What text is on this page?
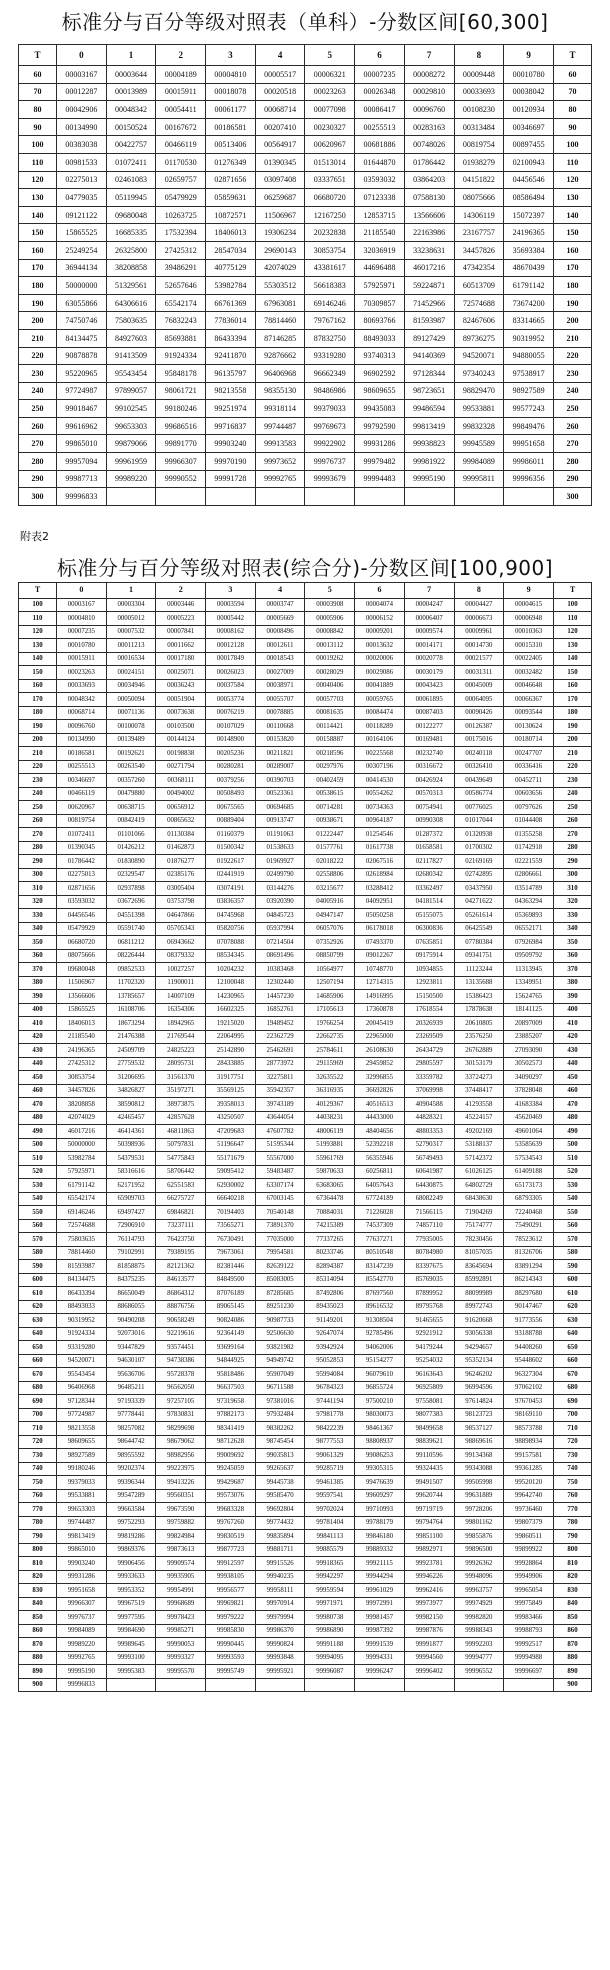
标准分与百分等级对照表（单科）-分数区间[60,300]
T	0	1	2	3	4	5	6	7	8	9	T
60	00003167	00003644	00004189	00004810	00005517	00006321	00007235	00008272	00009448	00010780	60
70	00012287	00013989	00015911	00018078	00020518	00023263	00026348	00029810	00033693	00038042	70
80	00042906	00048342	00054411	00061177	00068714	00077098	00086417	00096760	00108230	00120934	80
90	00134990	00150524	00167672	00186581	00207410	00230327	00255513	00283163	00313484	00346697	90
100	00383038	00422757	00466119	00513406	00564917	00620967	00681886	00748026	00819754	00897455	100
110	00981533	01072411	01170530	01276349	01390345	01513014	01644870	01786442	01938279	02100943	110
120	02275013	02461083	02659757	02871656	03097408	03337651	03593032	03864203	04151822	04456546	120
130	04779035	05119945	05479929	05859631	06259687	06680720	07123338	07588130	08075666	08586494	130
140	09121122	09680048	10263725	10872571	11506967	12167250	12853715	13566606	14306119	15072397	140
150	15865525	16685335	17532394	18406013	19306234	20232838	21185540	22163986	23167757	24196365	150
160	25249254	26325800	27425312	28547034	29690143	30853754	32036919	33238631	34457826	35693384	160
170	36944134	38208858	39486291	40775129	42074029	43381617	44696488	46017216	47342354	48670439	170
180	50000000	51329561	52657646	53982784	55303512	56618383	57925971	59224871	60513709	61791142	180
190	63055866	64306616	65542174	66761369	67963081	69146246	70309857	71452966	72574688	73674200	190
200	74750746	75803635	76832243	77836014	78814460	79767162	80693766	81593987	82467606	83314665	200
210	84134475	84927603	85693881	86433394	87146285	87832750	88493033	89127429	89736275	90319952	210
220	90878878	91413509	91924334	92411870	92876662	93319280	93740313	94140369	94520071	94880055	220
230	95220965	95543454	95848178	96135797	96406968	96662349	96902592	97128344	97340243	97538917	230
240	97724987	97899057	98061721	98213558	98355130	98486986	98609655	98723651	98829470	98927589	240
250	99018467	99102545	99180246	99251974	99318114	99379033	99435083	99486594	99533881	99577243	250
260	99616962	99653303	99686516	99716837	99744487	99769673	99792590	99813419	99832328	99849476	260
270	99865010	99879066	99891770	99903240	99913583	99922902	99931286	99938823	99945589	99951658	270
280	99957094	99961959	99966307	99970190	99973652	99976737	99979482	99981922	99984089	99986011	280
290	99987713	99989220	99990552	99991728	99992765	99993679	99994483	99995190	99995811	99996356	290
300	99996833										300
附表2
标准分与百分等级对照表(综合分)-分数区间[100,900]
T	0	1	2	3	4	5	6	7	8	9	T
100	00003167	00003304	00003446	00003594	00003747	00003908	00004074	00004247	00004427	00004615	100
110	00004810	00005012	00005223	00005442	00005669	00005906	00006152	00006407	00006673	00006948	110
120	00007235	00007532	00007841	00008162	00008496	00008842	00009201	00009574	00009961	00010363	120
130	00010780	00011213	00011662	00012128	00012611	00013112	00013632	00014171	00014730	00015310	130
140	00015911	00016534	00017180	00017849	00018543	00019262	00020006	00020778	00021577	00022405	140
150	00023263	00024151	00025071	00026023	00027009	00028029	00029086	00030179	00031311	00032482	150
160	00033693	00034946	00036243	00037584	00038971	00040406	00041889	00043423	00045009	00046648	160
170	00048342	00050094	00051904	00053774	00055707	00057703	00059765	00061895	00064095	00066367	170
180	00068714	00071136	00073638	00076219	00078885	00081635	00084474	00087403	00090426	00093544	180
190	00096760	00100078	00103500	00107029	00110668	00114421	00118289	00122277	00126387	00130624	190
200	00134990	00139489	00144124	00148900	00153820	00158887	00164106	00169481	00175016	00180714	200
210	00186581	00192621	00198838	00205236	00211821	00218596	00225568	00232740	00240118	00247707	210
220	00255513	00263540	00271794	00280281	00289007	00297976	00307196	00316672	00326410	00336416	220
230	00346697	00357260	00368111	00379256	00390703	00402459	00414530	00426924	00439649	00452711	230
240	00466119	00479880	00494002	00508493	00523361	00538615	00554262	00570313	00586774	00603656	240
250	00620967	00638715	00656912	00675565	00694685	00714281	00734363	00754941	00776025	00797626	250
260	00819754	00842419	00865632	00889404	00913747	00938671	00964187	00990308	01017044	01044408	260
270	01072411	01101066	01130384	01160379	01191063	01222447	01254546	01287372	01320938	01355258	270
280	01390345	01426212	01462873	01500342	01538633	01577761	01617738	01658581	01700302	01742918	280
290	01786442	01830890	01876277	01922617	01969927	02018222	02067516	02117827	02169169	02221559	290
300	02275013	02329547	02385176	02441919	02499790	02558806	02618984	02680342	02742895	02806661	300
310	02871656	02937898	03005404	03074191	03144276	03215677	03288412	03362497	03437950	03514789	310
320	03593032	03672696	03753798	03836357	03920390	04005916	04092951	04181514	04271622	04363294	320
330	04456546	04551398	04647866	04745968	04845723	04947147	05050258	05155075	05261614	05369893	330
340	05479929	05591740	05705343	05820756	05937994	06057076	06178018	06300836	06425549	06552171	340
350	06680720	06811212	06943662	07078088	07214504	07352926	07493370	07635851	07780384	07926984	350
360	08075666	08226444	08379332	08534345	08691496	08850799	09012267	09175914	09341751	09509792	360
370	09680048	09852533	10027257	10204232	10383468	10564977	10748770	10934855	11123244	11313945	370
380	11506967	11702320	11900011	12100048	12302440	12507194	12714315	12923811	13135688	13349951	380
390	13566606	13785657	14007109	14230965	14457230	14685906	14916995	15150500	15386423	15624765	390
400	15865525	16108706	16354306	16602325	16852761	17105613	17360878	17618554	17878638	18141125	400
410	18406013	18673294	18942965	19215020	19489452	19766254	20045419	20326939	20610805	20897009	410
420	21185540	21476388	21769544	22064995	22362729	22662735	22965000	23269509	23576250	23885207	420
430	24196365	24509709	24825223	25142890	25462691	25784611	26108630	26434729	26762889	27093090	430
440	27425312	27759532	28095731	28433885	28773972	29115969	29459852	29805597	30153179	30502573	440
450	30853754	31206695	31561370	31917751	32275811	32635522	32996855	33359782	33724273	34090297	450
460	34457826	34826827	35197271	35569125	35942357	36316935	36692826	37069998	37448417	37828048	460
470	38208858	38590812	38973875	39358013	39743189	40129367	40516513	40904588	41293558	41683384	470
480	42074029	42465457	42857628	43250507	43644054	44038231	44433000	44828321	45224157	45620469	480
490	46017216	46414361	46811863	47209683	47607782	48006119	48404656	48803353	49202169	49601064	490
500	50000000	50398936	50797831	51196647	51595344	51993881	52392218	52790317	53188137	53585639	500
510	53982784	54379531	54775843	55171679	55567000	55961769	56355946	56749493	57142372	57534543	510
520	57925971	58316616	58706442	59095412	59483487	59870633	60256811	60641987	61026125	61409188	520
530	61791142	62171952	62551583	62930002	63307174	63683065	64057643	64430875	64802729	65173173	530
540	65542174	65909703	66275727	66640218	67003145	67364478	67724189	68082249	68438630	68793305	540
550	69146246	69497427	69846821	70194403	70540148	70884031	71226028	71566115	71904269	72240468	550
560	72574688	72906910	73237111	73565271	73891370	74215389	74537309	74857110	75174777	75490291	560
570	75803635	76114793	76423750	76730491	77035000	77337265	77637271	77935005	78230456	78523612	570
580	78814460	79102991	79389195	79673061	79954581	80233746	80510548	80784980	81057035	81326706	580
590	81593987	81858875	82121362	82381446	82639122	82894387	83147239	83397675	83645694	83891294	590
600	84134475	84375235	84613577	84849500	85083005	85314094	85542770	85769035	85992891	86214343	600
610	86433394	86650049	86864312	87076189	87285685	87492806	87697560	87899952	88099989	88297680	610
620	88493033	88686055	88876756	89065145	89251230	89435023	89616532	89795768	89972743	90147467	620
630	90319952	90490208	90658249	90824086	90987733	91149201	91308504	91465655	91620668	91773556	630
640	91924334	92073016	92219616	92364149	92506630	92647074	92785496	92921912	93056338	93188788	640
650	93319280	93447829	93574451	93699164	93821982	93942924	94062006	94179244	94294657	94408260	650
660	94520071	94630107	94738386	94844925	94949742	95052853	95154277	95254032	95352134	95448602	660
670	95543454	95636706	95728378	95818486	95907049	95994084	96079610	96163643	96246202	96327304	670
680	96406968	96485211	96562050	96637503	96711588	96784323	96855724	96925809	96994596	97062102	680
690	97128344	97193339	97257105	97319658	97381016	97441194	97500210	97558081	97614824	97670453	690
700	97724987	97778441	97830831	97882173	97932484	97981778	98030073	98077383	98123723	98169110	700
710	98213558	98257082	98299698	98341419	98382262	98422239	98461367	98499658	98537127	98573788	710
720	98609655	98644742	98679062	98712628	98745454	98777553	98808937	98839621	98869616	98898934	720
730	98927589	98955592	98982956	99009692	99035813	99061329	99086253	99110596	99134368	99157581	730
740	99180246	99202374	99223975	99245059	99265637	99285719	99305315	99324435	99343088	99361285	740
750	99379033	99396344	99413226	99429687	99445738	99461385	99476639	99491507	99505998	99520120	750
760	99533881	99547289	99560351	99573076	99585470	99597541	99609297	99620744	99631889	99642740	760
770	99653303	99663584	99673590	99683328	99692804	99702024	99710993	99719719	99728206	99736460	770
780	99744487	99752293	99759882	99767260	99774432	99781404	99788179	99794764	99801162	99807379	780
790	99813419	99819286	99824984	99830519	99835894	99841113	99846180	99851100	99855876	99860511	790
800	99865010	99869376	99873613	99877723	99881711	99885579	99889332	99892971	99896500	99899922	800
810	99903240	99906456	99909574	99912597	99915526	99918365	99921115	99923781	99926362	99928864	810
820	99931286	99933633	99935905	99938105	99940235	99942297	99944294	99946226	99948096	99949906	820
830	99951658	99953352	99954991	99956577	99958111	99959594	99961029	99962416	99963757	99965054	830
840	99966307	99967519	99968689	99969821	99970914	99971971	99972991	99973977	99974929	99975849	840
850	99976737	99977595	99978423	99979222	99979994	99980738	99981457	99982150	99982820	99983466	850
860	99984089	99984690	99985271	99985830	99986370	99986890	99987392	99987876	99988343	99988793	860
870	99989220	99989645	99990053	99990445	99990824	99991188	99991539	99991877	99992203	99992517	870
880	99992765	99993100	99993327	99993593	99993848	99994095	99994331	99994560	99994777	99994988	880
890	99995190	99995383	99995570	99995749	99995921	99996087	99996247	99996402	99996552	99996697	890
900	99996833										900
